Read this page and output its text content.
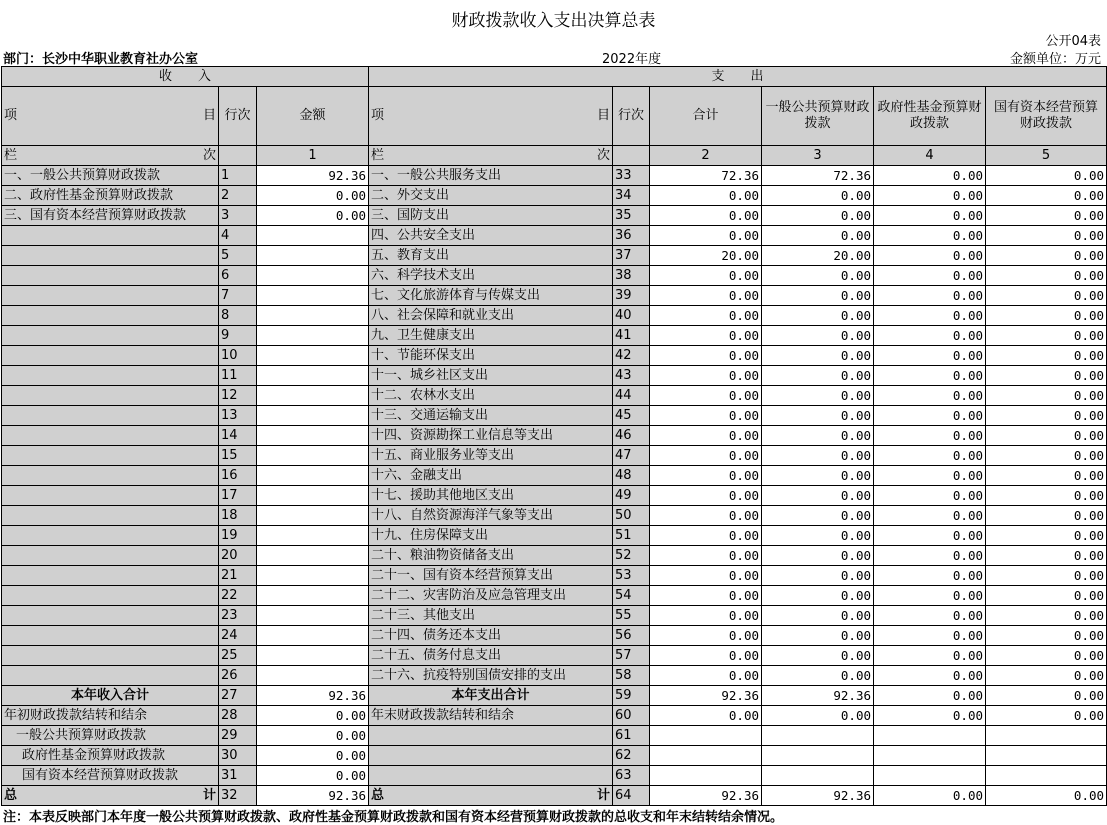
财政拨款收入支出决算总表
公开04表
部门：长沙中华职业教育社办公室	2022年度	金额单位：万元
收　　入			支　　出					

项 目	行次	金额	项 目	行次	合计	一般公共预算财政拨款	政府性基金预算财政拨款	国有资本经营预算财政拨款

栏 次		1	栏 次		2	3	4	5
一、一般公共预算财政拨款	1	92.36	一、一般公共服务支出	33	72.36	72.36	0.00	0.00
二、政府性基金预算财政拨款	2	0.00	二、外交支出	34	0.00	0.00	0.00	0.00
三、国有资本经营预算财政拨款	3	0.00	三、国防支出	35	0.00	0.00	0.00	0.00
	4		四、公共安全支出	36	0.00	0.00	0.00	0.00
	5		五、教育支出	37	20.00	20.00	0.00	0.00
	6		六、科学技术支出	38	0.00	0.00	0.00	0.00
	7		七、文化旅游体育与传媒支出	39	0.00	0.00	0.00	0.00
	8		八、社会保障和就业支出	40	0.00	0.00	0.00	0.00
	9		九、卫生健康支出	41	0.00	0.00	0.00	0.00
	10		十、节能环保支出	42	0.00	0.00	0.00	0.00
	11		十一、城乡社区支出	43	0.00	0.00	0.00	0.00
	12		十二、农林水支出	44	0.00	0.00	0.00	0.00
	13		十三、交通运输支出	45	0.00	0.00	0.00	0.00
	14		十四、资源勘探工业信息等支出	46	0.00	0.00	0.00	0.00
	15		十五、商业服务业等支出	47	0.00	0.00	0.00	0.00
	16		十六、金融支出	48	0.00	0.00	0.00	0.00
	17		十七、援助其他地区支出	49	0.00	0.00	0.00	0.00
	18		十八、自然资源海洋气象等支出	50	0.00	0.00	0.00	0.00
	19		十九、住房保障支出	51	0.00	0.00	0.00	0.00
	20		二十、粮油物资储备支出	52	0.00	0.00	0.00	0.00
	21		二十一、国有资本经营预算支出	53	0.00	0.00	0.00	0.00
	22		二十二、灾害防治及应急管理支出	54	0.00	0.00	0.00	0.00
	23		二十三、其他支出	55	0.00	0.00	0.00	0.00
	24		二十四、债务还本支出	56	0.00	0.00	0.00	0.00
	25		二十五、债务付息支出	57	0.00	0.00	0.00	0.00
	26		二十六、抗疫特别国债安排的支出	58	0.00	0.00	0.00	0.00
本年收入合计	27	92.36	本年支出合计	59	92.36	92.36	0.00	0.00
年初财政拨款结转和结余	28	0.00	年末财政拨款结转和结余	60	0.00	0.00	0.00	0.00
一般公共预算财政拨款	29	0.00		61				
政府性基金预算财政拨款	30	0.00		62				
国有资本经营预算财政拨款	31	0.00		63				

总 计	32	92.36	总 计	64	92.36	92.36	0.00	0.00
注：本表反映部门本年度一般公共预算财政拨款、政府性基金预算财政拨款和国有资本经营预算财政拨款的总收支和年末结转结余情况。
